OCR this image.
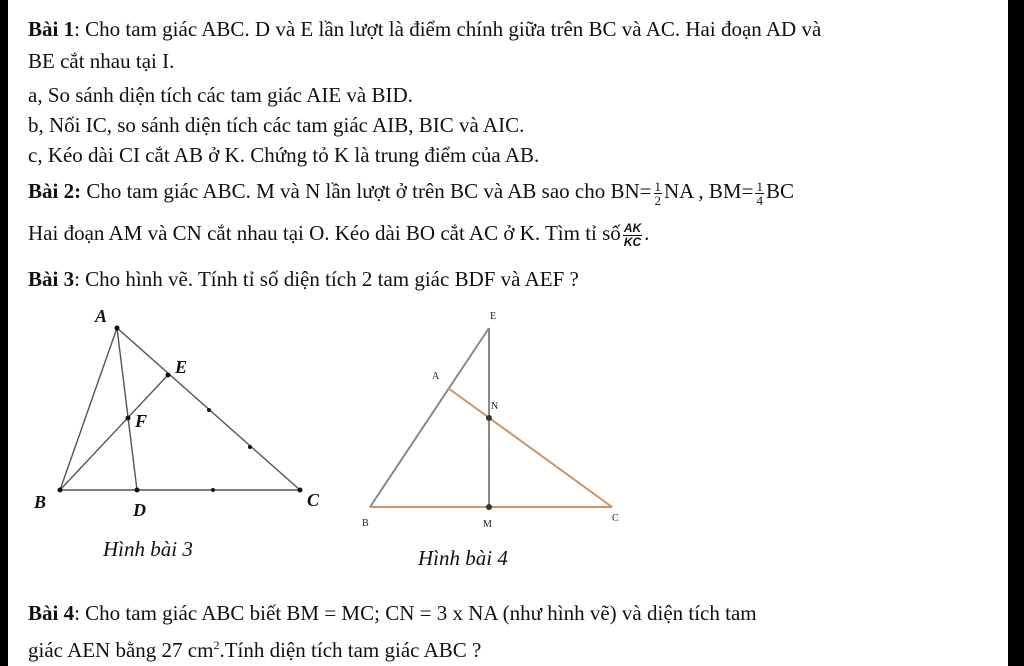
Bài 1: Cho tam giác ABC. D và E lần lượt là điểm chính giữa trên BC và AC. Hai đoạn AD và
BE cắt nhau tại I.
a, So sánh diện tích các tam giác AIE và BID.
b, Nối IC, so sánh diện tích các tam giác AIB, BIC và AIC.
c, Kéo dài CI cắt AB ở K. Chứng tỏ K là trung điểm của AB.
Bài 2: Cho tam giác ABC. M và N lần lượt ở trên BC và AB sao cho $BN= \frac{1}{2}$ NA , $BM= \frac{1}{4}$ BC
Hai đoạn AM và CN cắt nhau tại O. Kéo dài BO cắt AC ở K. Tìm tỉ số $\frac{AK}{KC}$ .
Bài 3: Cho hình vẽ. Tính tỉ số diện tích 2 tam giác BDF và AEF ?
A
B	C
D
E
F
Hình bài 3
E
A
N
B	M
C
Hình bài 4
Bài 4: Cho tam giác ABC biết BM = MC; CN = 3 x NA (như hình vẽ) và diện tích tam
giác AEN bằng 27 $cm^2.Tính$ diện tích tam giác ABC ?
